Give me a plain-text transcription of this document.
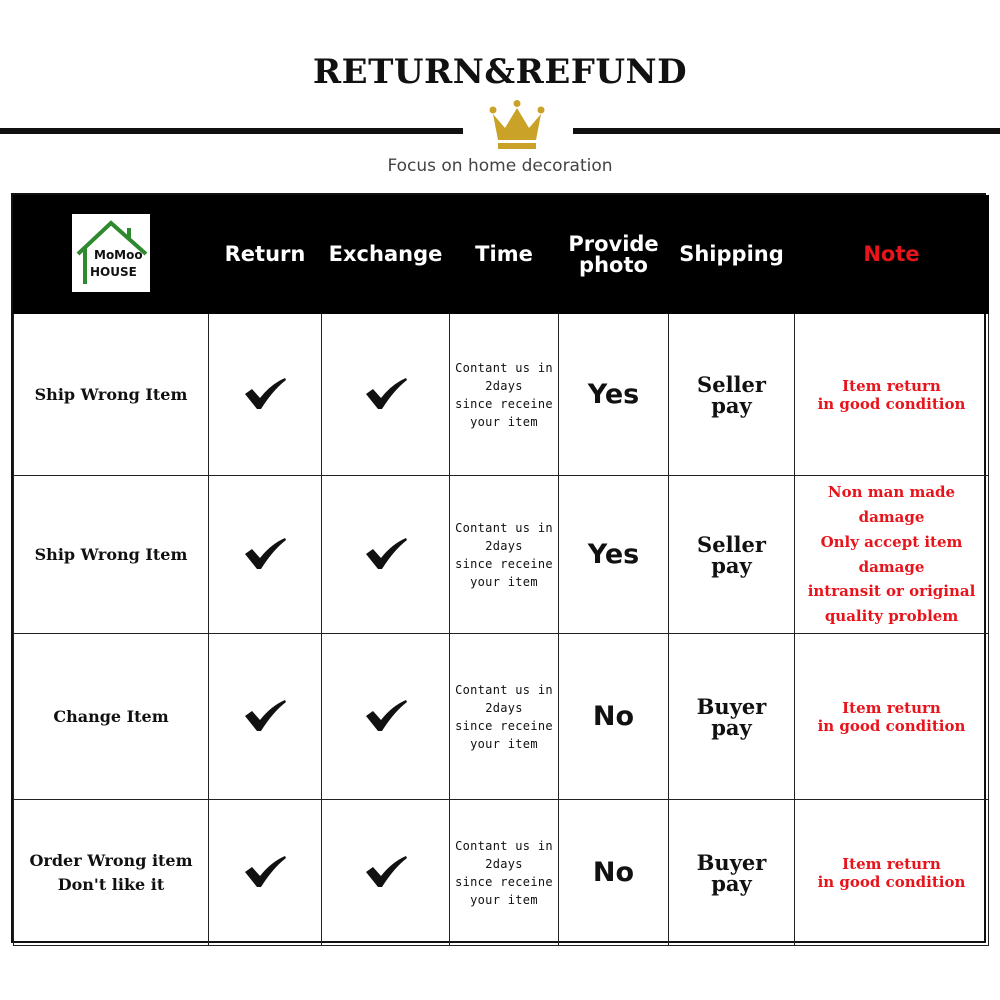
RETURN&REFUND
Focus on home decoration
MoMoo
HOUSE	Return	Exchange	Time	Provide
photo	Shipping	Note

Ship Wrong Item			Contant us in
2days
since receine
your item	Yes	Seller
pay	Item return
in good condition

Ship Wrong Item			Contant us in
2days
since receine
your item	Yes	Seller
pay	Non man made damage
Only accept item damage
intransit or original
quality problem

Change Item			Contant us in
2days
since receine
your item	No	Buyer
pay	Item return
in good condition

Order Wrong item
Don't like it			Contant us in
2days
since receine
your item	No	Buyer
pay	Item return
in good condition
